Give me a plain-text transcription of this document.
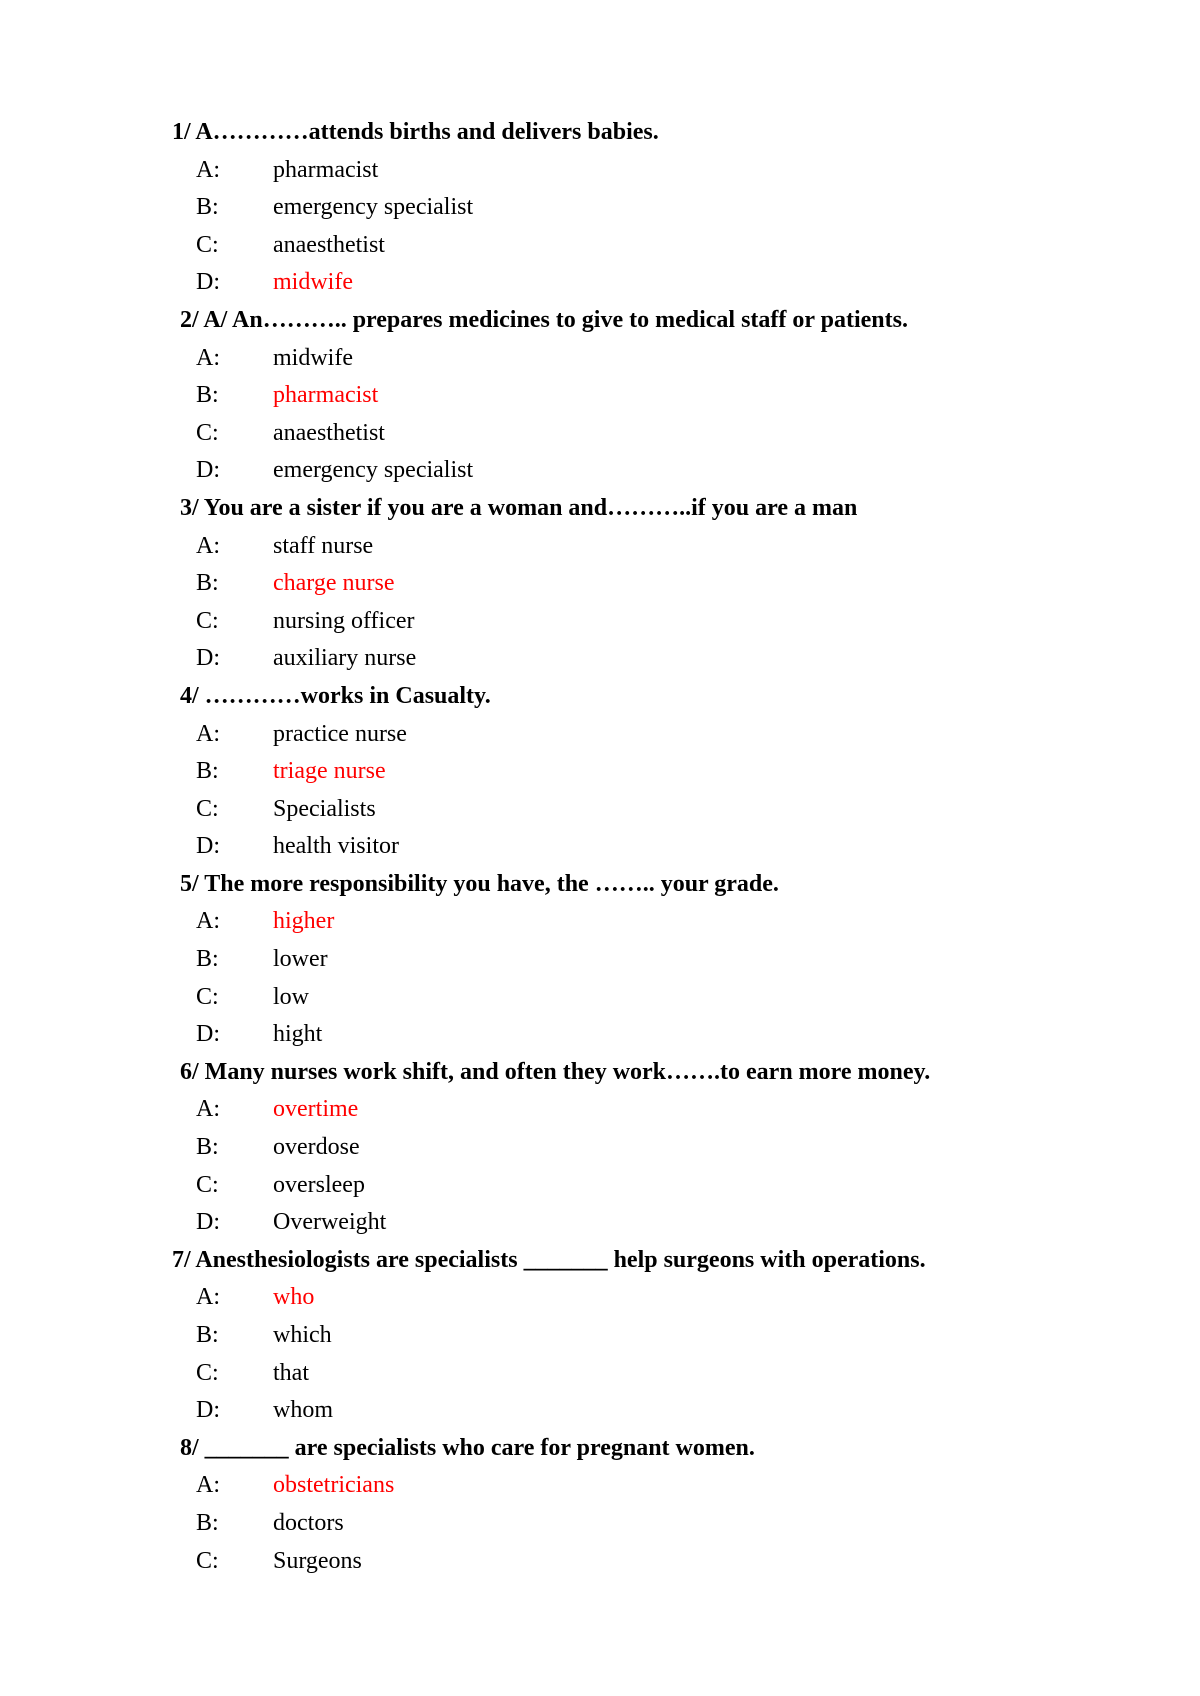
1/ A…………attends births and delivers babies.
A: pharmacist
B: emergency specialist
C: anaesthetist
D: midwife
2/ A/ An……….. prepares medicines to give to medical staff or patients.
A: midwife
B: pharmacist
C: anaesthetist
D: emergency specialist
3/ You are a sister if you are a woman and………..if you are a man
A: staff nurse
B: charge nurse
C: nursing officer
D: auxiliary nurse
4/ …………works in Casualty.
A: practice nurse
B: triage nurse
C: Specialists
D: health visitor
5/ The more responsibility you have, the …….. your grade.
A: higher
B: lower
C: low
D: hight
6/ Many nurses work shift, and often they work…….to earn more money.
A: overtime
B: overdose
C: oversleep
D: Overweight
7/ Anesthesiologists are specialists _______ help surgeons with operations.
A: who
B: which
C: that
D: whom
8/ _______ are specialists who care for pregnant women.
A: obstetricians
B: doctors
C: Surgeons
